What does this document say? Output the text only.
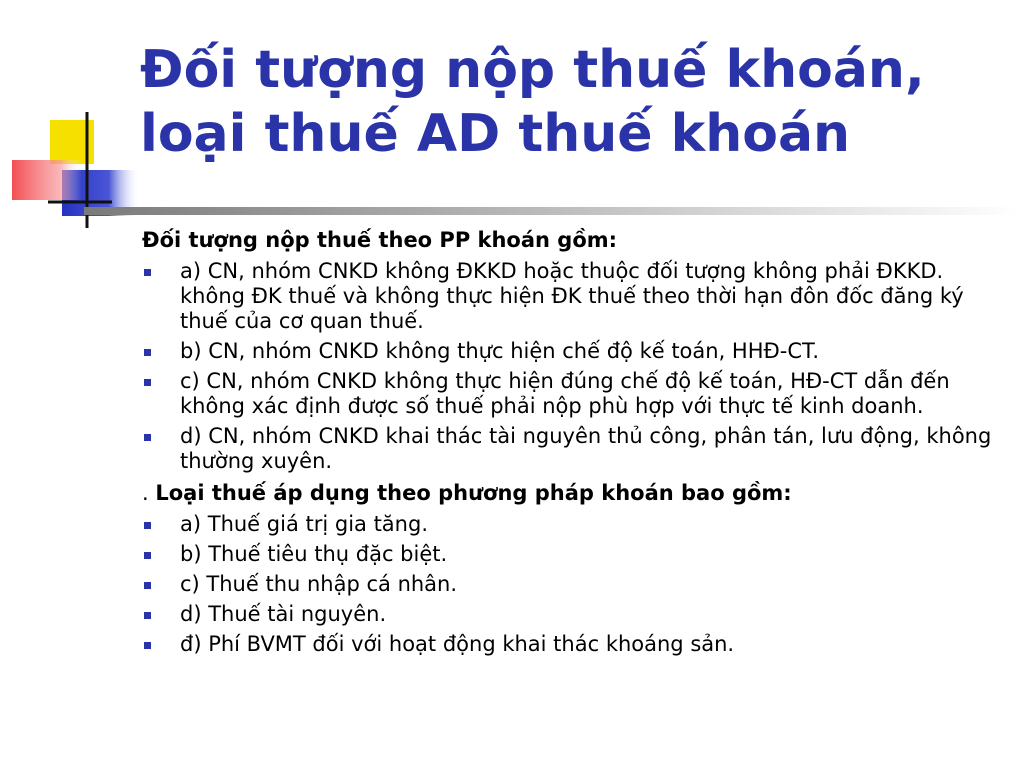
Đối tượng nộp thuế khoán, loại thuế AD thuế khoán

Đối tượng nộp thuế theo PP khoán gồm:

a) CN, nhóm CNKD không ĐKKD hoặc thuộc đối tượng không phải ĐKKD. không ĐK thuế và không thực hiện ĐK thuế theo thời hạn đôn đốc đăng ký thuế của cơ quan thuế.
b) CN, nhóm CNKD không thực hiện chế độ kế toán, HHĐ-CT.
c) CN, nhóm CNKD không thực hiện đúng chế độ kế toán, HĐ-CT dẫn đến không xác định được số thuế phải nộp phù hợp với thực tế kinh doanh.
d) CN, nhóm CNKD khai thác tài nguyên thủ công, phân tán, lưu động, không thường xuyên.

. Loại thuế áp dụng theo phương pháp khoán bao gồm:

a) Thuế giá trị gia tăng.
b) Thuế tiêu thụ đặc biệt.
c) Thuế thu nhập cá nhân.
d) Thuế tài nguyên.
đ) Phí BVMT đối với hoạt động khai thác khoáng sản.
